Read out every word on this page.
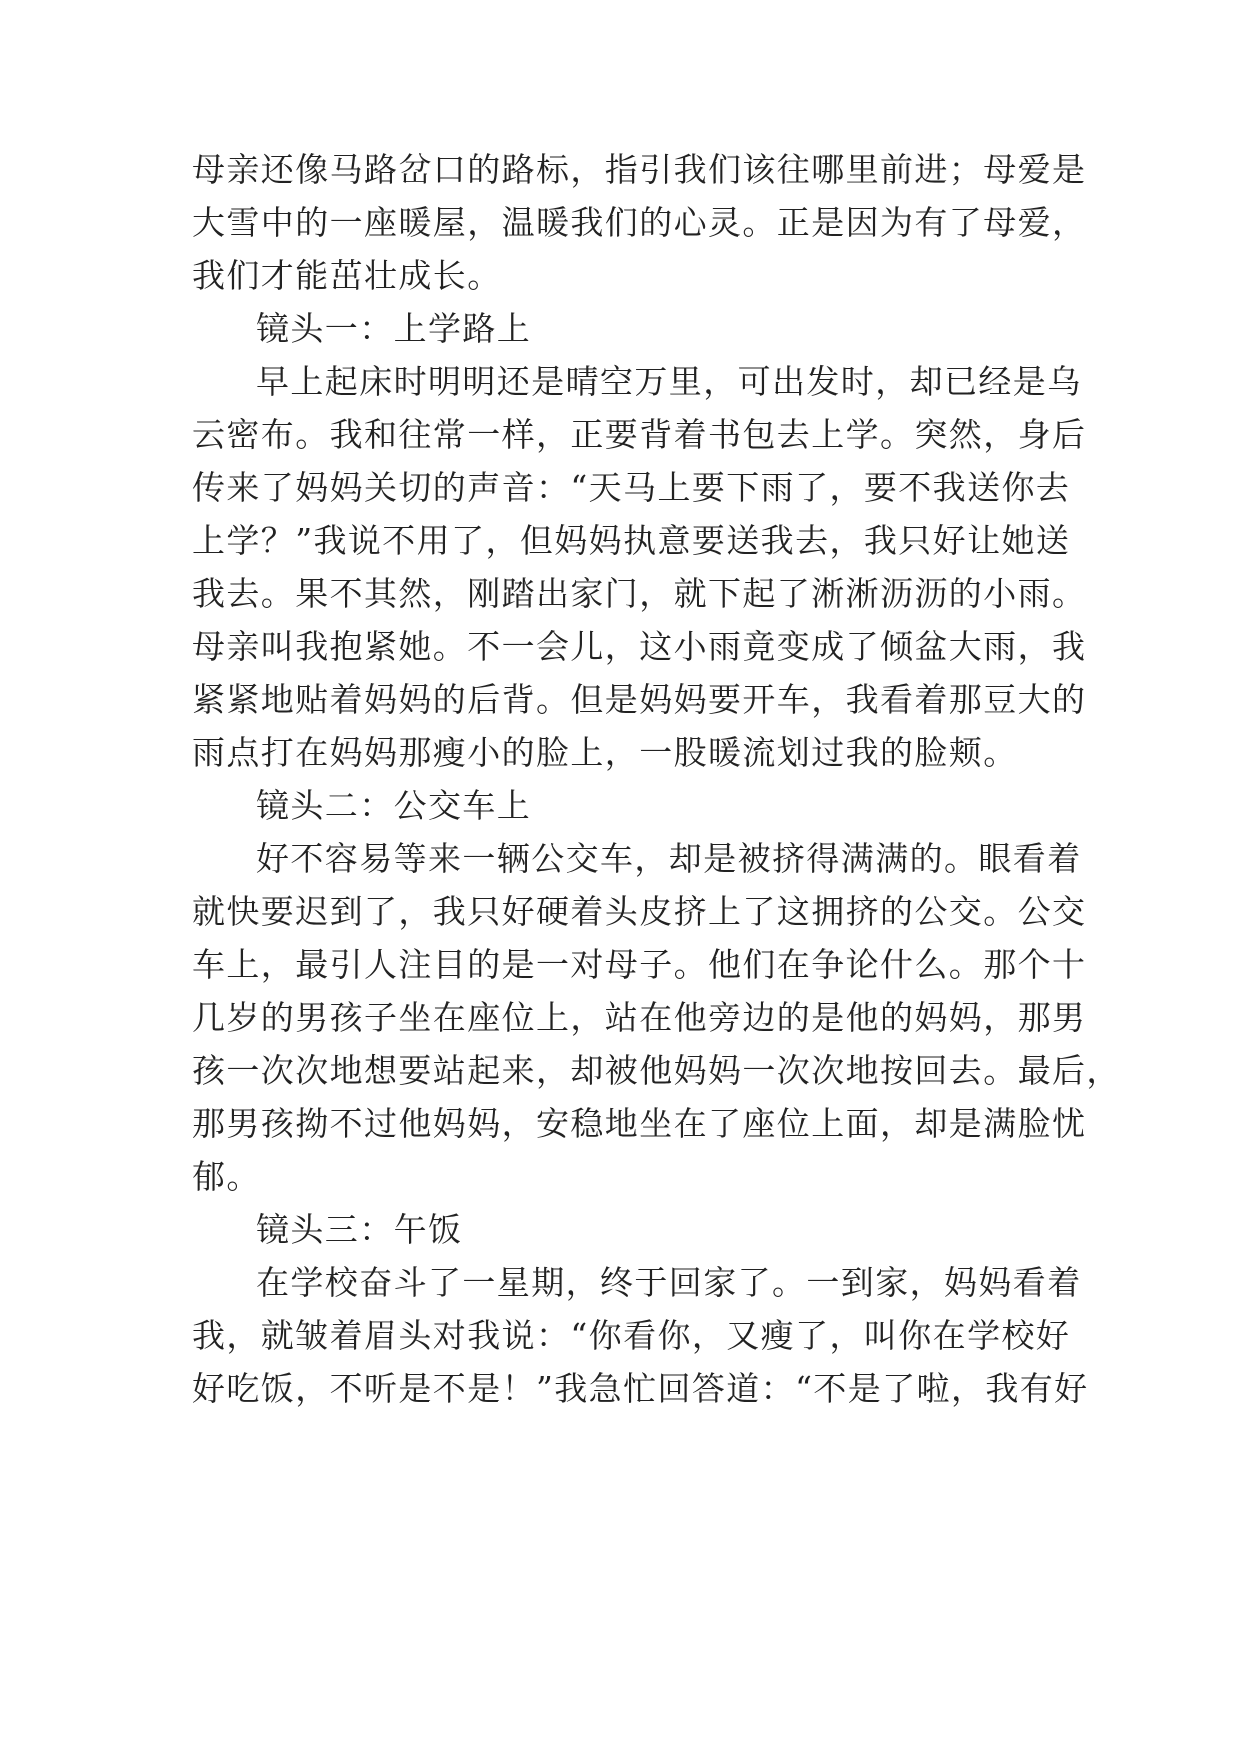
母亲还像马路岔口的路标，指引我们该往哪里前进；母爱是
大雪中的一座暖屋，温暖我们的心灵。正是因为有了母爱，
我们才能茁壮成长。
镜头一：上学路上
早上起床时明明还是晴空万里，可出发时，却已经是乌
云密布。我和往常一样，正要背着书包去上学。突然，身后
传来了妈妈关切的声音：“天马上要下雨了，要不我送你去
上学？”我说不用了，但妈妈执意要送我去，我只好让她送
我去。果不其然，刚踏出家门，就下起了淅淅沥沥的小雨。
母亲叫我抱紧她。不一会儿，这小雨竟变成了倾盆大雨，我
紧紧地贴着妈妈的后背。但是妈妈要开车，我看着那豆大的
雨点打在妈妈那瘦小的脸上，一股暖流划过我的脸颊。
镜头二：公交车上
好不容易等来一辆公交车，却是被挤得满满的。眼看着
就快要迟到了，我只好硬着头皮挤上了这拥挤的公交。公交
车上，最引人注目的是一对母子。他们在争论什么。那个十
几岁的男孩子坐在座位上，站在他旁边的是他的妈妈，那男
孩一次次地想要站起来，却被他妈妈一次次地按回去。最后，
那男孩拗不过他妈妈，安稳地坐在了座位上面，却是满脸忧
郁。
镜头三：午饭
在学校奋斗了一星期，终于回家了。一到家，妈妈看着
我，就皱着眉头对我说：“你看你，又瘦了，叫你在学校好
好吃饭，不听是不是！”我急忙回答道：“不是了啦，我有好
